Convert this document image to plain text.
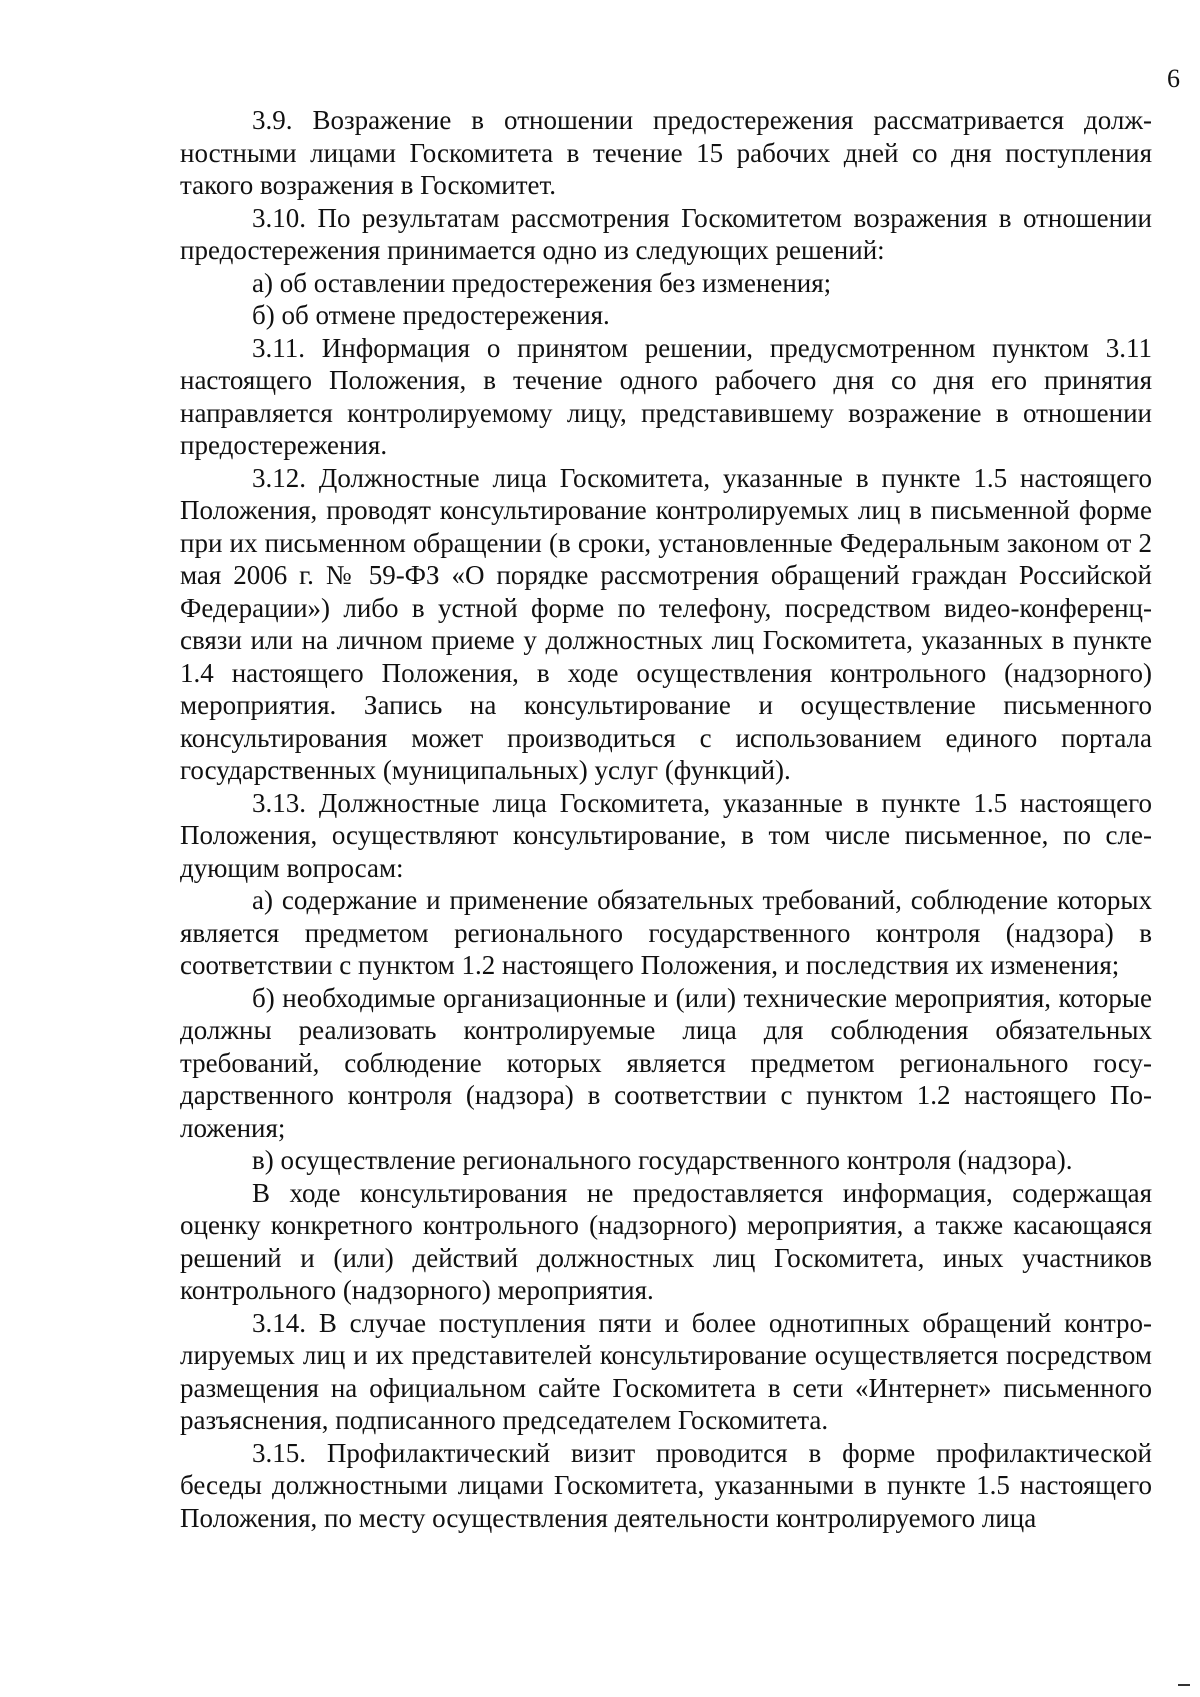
6

3.9. Возражение в отношении предостережения рассматривается должностными лицами Госкомитета в течение 15 рабочих дней со дня поступления такого возражения в Госкомитет.

3.10. По результатам рассмотрения Госкомитетом возражения в отношении предостережения принимается одно из следующих решений:

а) об оставлении предостережения без изменения;

б) об отмене предостережения.

3.11. Информация о принятом решении, предусмотренном пунктом 3.11 настоящего Положения, в течение одного рабочего дня со дня его принятия направляется контролируемому лицу, представившему возражение в отношении предостережения.

3.12. Должностные лица Госкомитета, указанные в пункте 1.5 настоящего Положения, проводят консультирование контролируемых лиц в письменной форме при их письменном обращении (в сроки, установленные Федеральным законом от 2 мая 2006 г. № 59-ФЗ «О порядке рассмотрения обращений граждан Российской Федерации») либо в устной форме по телефону, посредством видео-конференц-связи или на личном приеме у должностных лиц Госкомитета, указанных в пункте 1.4 настоящего Положения, в ходе осуществления контрольного (надзорного) мероприятия. Запись на консультирование и осуществление письменного консультирования может производиться с использованием единого портала государственных (муниципальных) услуг (функций).

3.13. Должностные лица Госкомитета, указанные в пункте 1.5 настоящего Положения, осуществляют консультирование, в том числе письменное, по следующим вопросам:

а) содержание и применение обязательных требований, соблюдение которых является предметом регионального государственного контроля (надзора) в соответствии с пунктом 1.2 настоящего Положения, и последствия их изменения;

б) необходимые организационные и (или) технические мероприятия, которые должны реализовать контролируемые лица для соблюдения обязательных требований, соблюдение которых является предметом регионального государственного контроля (надзора) в соответствии с пунктом 1.2 настоящего Положения;

в) осуществление регионального государственного контроля (надзора).

В ходе консультирования не предоставляется информация, содержащая оценку конкретного контрольного (надзорного) мероприятия, а также касающаяся решений и (или) действий должностных лиц Госкомитета, иных участников контрольного (надзорного) мероприятия.

3.14. В случае поступления пяти и более однотипных обращений контролируемых лиц и их представителей консультирование осуществляется посредством размещения на официальном сайте Госкомитета в сети «Интернет» письменного разъяснения, подписанного председателем Госкомитета.

3.15. Профилактический визит проводится в форме профилактической беседы должностными лицами Госкомитета, указанными в пункте 1.5 настоящего Положения, по месту осуществления деятельности контролируемого лица
